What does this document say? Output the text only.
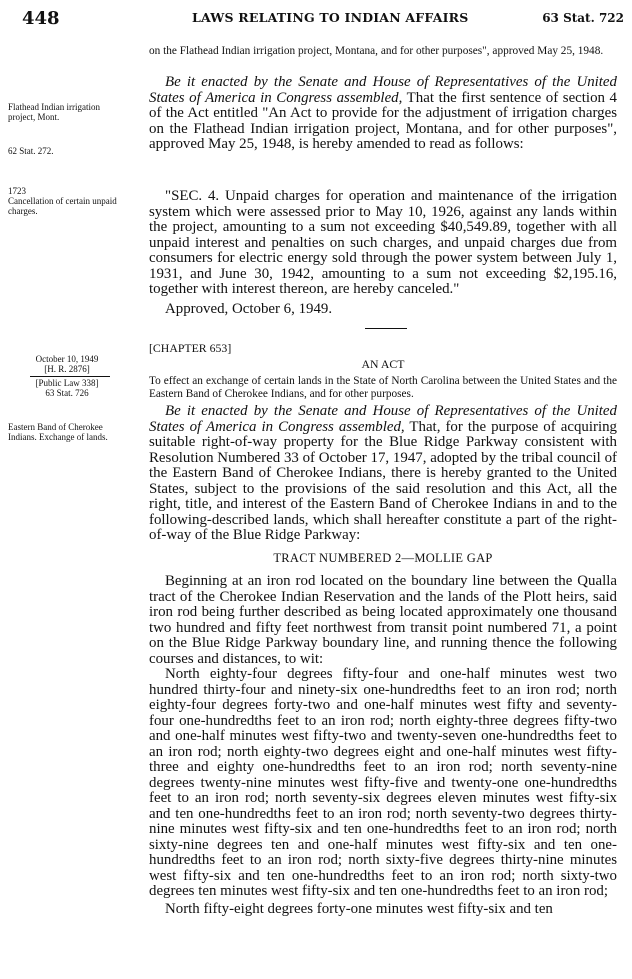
448	LAWS RELATING TO INDIAN AFFAIRS	63 Stat. 722
on the Flathead Indian irrigation project, Montana, and for other purposes", approved May 25, 1948.
Be it enacted by the Senate and House of Representatives of the United States of America in Congress assembled, That the first sentence of section 4 of the Act entitled "An Act to provide for the adjustment of irrigation charges on the Flathead Indian irrigation project, Montana, and for other purposes", approved May 25, 1948, is hereby amended to read as follows:
"SEC. 4. Unpaid charges for operation and maintenance of the irrigation system which were assessed prior to May 10, 1926, against any lands within the project, amounting to a sum not exceeding $40,549.89, together with all unpaid interest and penalties on such charges, and unpaid charges due from consumers for electric energy sold through the power system between July 1, 1931, and June 30, 1942, amounting to a sum not exceeding $2,195.16, together with interest thereon, are hereby canceled."
Approved, October 6, 1949.
[CHAPTER 653]
AN ACT
To effect an exchange of certain lands in the State of North Carolina between the United States and the Eastern Band of Cherokee Indians, and for other purposes.
Be it enacted by the Senate and House of Representatives of the United States of America in Congress assembled, That, for the purpose of acquiring suitable right-of-way property for the Blue Ridge Parkway consistent with Resolution Numbered 33 of October 17, 1947, adopted by the tribal council of the Eastern Band of Cherokee Indians, there is hereby granted to the United States, subject to the provisions of the said resolution and this Act, all the right, title, and interest of the Eastern Band of Cherokee Indians in and to the following-described lands, which shall hereafter constitute a part of the right-of-way of the Blue Ridge Parkway:
TRACT NUMBERED 2—MOLLIE GAP
Beginning at an iron rod located on the boundary line between the Qualla tract of the Cherokee Indian Reservation and the lands of the Plott heirs, said iron rod being further described as being located approximately one thousand two hundred and fifty feet northwest from transit point numbered 71, a point on the Blue Ridge Parkway boundary line, and running thence the following courses and distances, to wit:
North eighty-four degrees fifty-four and one-half minutes west two hundred thirty-four and ninety-six one-hundredths feet to an iron rod; north eighty-four degrees forty-two and one-half minutes west fifty and seventy-four one-hundredths feet to an iron rod; north eighty-three degrees fifty-two and one-half minutes west fifty-two and twenty-seven one-hundredths feet to an iron rod; north eighty-two degrees eight and one-half minutes west fifty-three and eighty one-hundredths feet to an iron rod; north seventy-nine degrees twenty-nine minutes west fifty-five and twenty-one one-hundredths feet to an iron rod; north seventy-six degrees eleven minutes west fifty-six and ten one-hundredths feet to an iron rod; north seventy-two degrees thirty-nine minutes west fifty-six and ten one-hundredths feet to an iron rod; north sixty-nine degrees ten and one-half minutes west fifty-six and ten one-hundredths feet to an iron rod; north sixty-five degrees thirty-nine minutes west fifty-six and ten one-hundredths feet to an iron rod; north sixty-two degrees ten minutes west fifty-six and ten one-hundredths feet to an iron rod;
North fifty-eight degrees forty-one minutes west fifty-six and ten
Flathead Indian irrigation project, Mont.
62 Stat. 272.
1723
Cancellation of certain unpaid charges.
October 10, 1949
[H. R. 2876]
[Public Law 338]
63 Stat. 726
Eastern Band of Cherokee Indians. Exchange of lands.
